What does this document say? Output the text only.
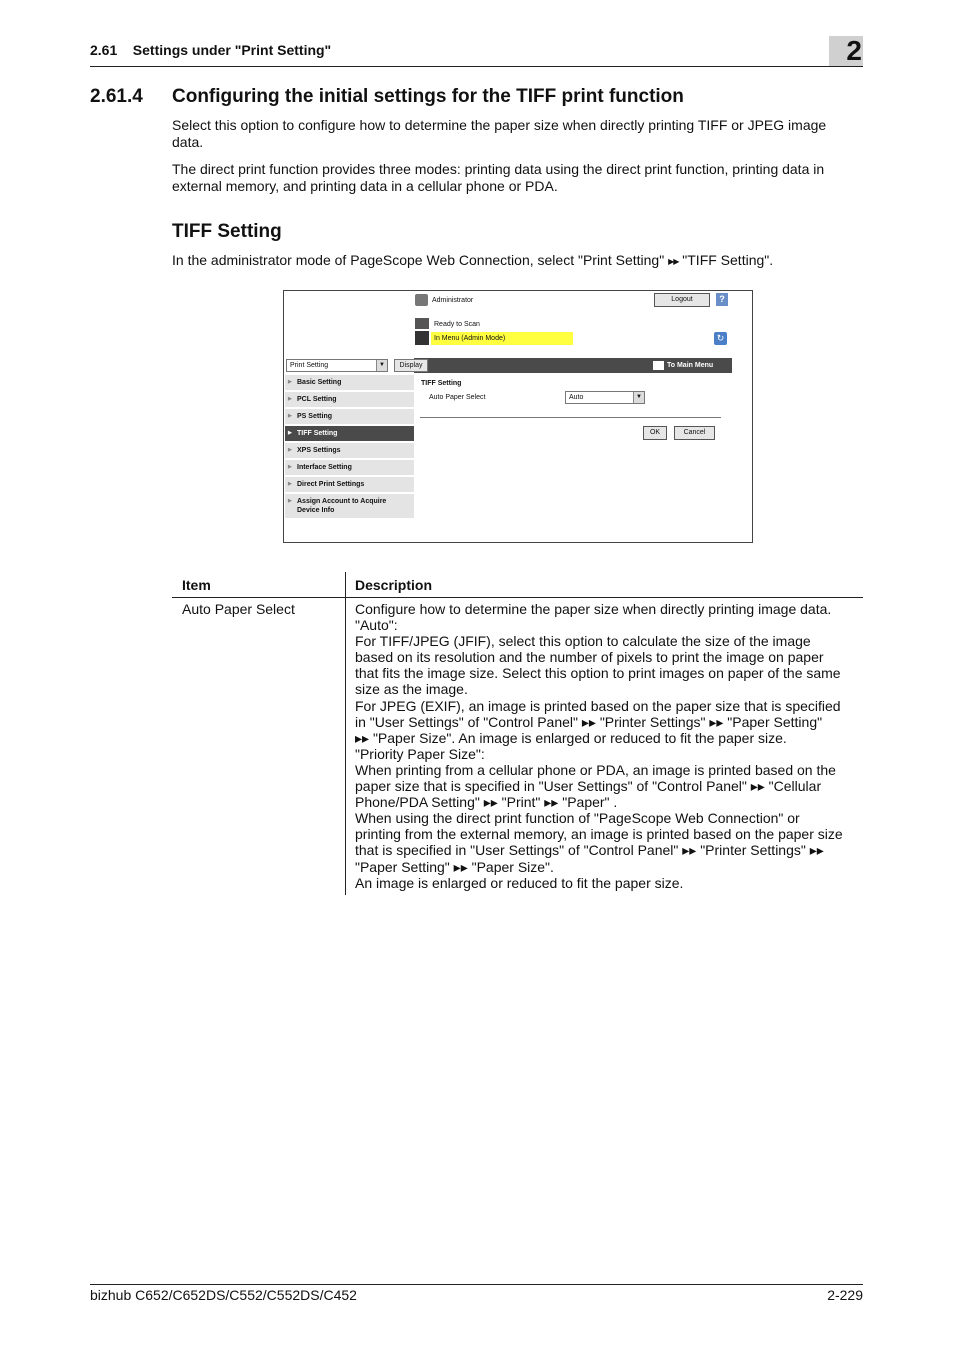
2.61    Settings under "Print Setting"	2
2.61.4 Configuring the initial settings for the TIFF print function
Select this option to configure how to determine the paper size when directly printing TIFF or JPEG image
data.
The direct print function provides three modes: printing data using the direct print function, printing data in
external memory, and printing data in a cellular phone or PDA.
TIFF Setting
In the administrator mode of PageScope Web Connection, select "Print Setting" ▶▶ "TIFF Setting".
Administrator	Logout	?
Ready to Scan
In Menu (Admin Mode)	↻
Print Setting	▼	Display	To Main Menu
▶ Basic Setting
▶ PCL Setting
▶ PS Setting
▶ TIFF Setting
▶ XPS Settings
▶ Interface Setting
▶ Direct Print Settings
▶ Assign Account to Acquire
Device Info
TIFF Setting
Auto Paper Select	Auto	▼
OK	Cancel
Item	Description
Auto Paper Select	Configure how to determine the paper size when directly printing image data.
"Auto":
For TIFF/JPEG (JFIF), select this option to calculate the size of the image
based on its resolution and the number of pixels to print the image on paper
that fits the image size. Select this option to print images on paper of the same
size as the image.
For JPEG (EXIF), an image is printed based on the paper size that is specified
in "User Settings" of "Control Panel" ▸▸ "Printer Settings" ▸▸ "Paper Setting"
▸▸ "Paper Size". An image is enlarged or reduced to fit the paper size.
"Priority Paper Size":
When printing from a cellular phone or PDA, an image is printed based on the
paper size that is specified in "User Settings" of "Control Panel" ▸▸ "Cellular
Phone/PDA Setting" ▸▸ "Print" ▸▸ "Paper" .
When using the direct print function of "PageScope Web Connection" or
printing from the external memory, an image is printed based on the paper size
that is specified in "User Settings" of "Control Panel" ▸▸ "Printer Settings" ▸▸
"Paper Setting" ▸▸ "Paper Size".
An image is enlarged or reduced to fit the paper size.
bizhub C652/C652DS/C552/C552DS/C452	2-229
